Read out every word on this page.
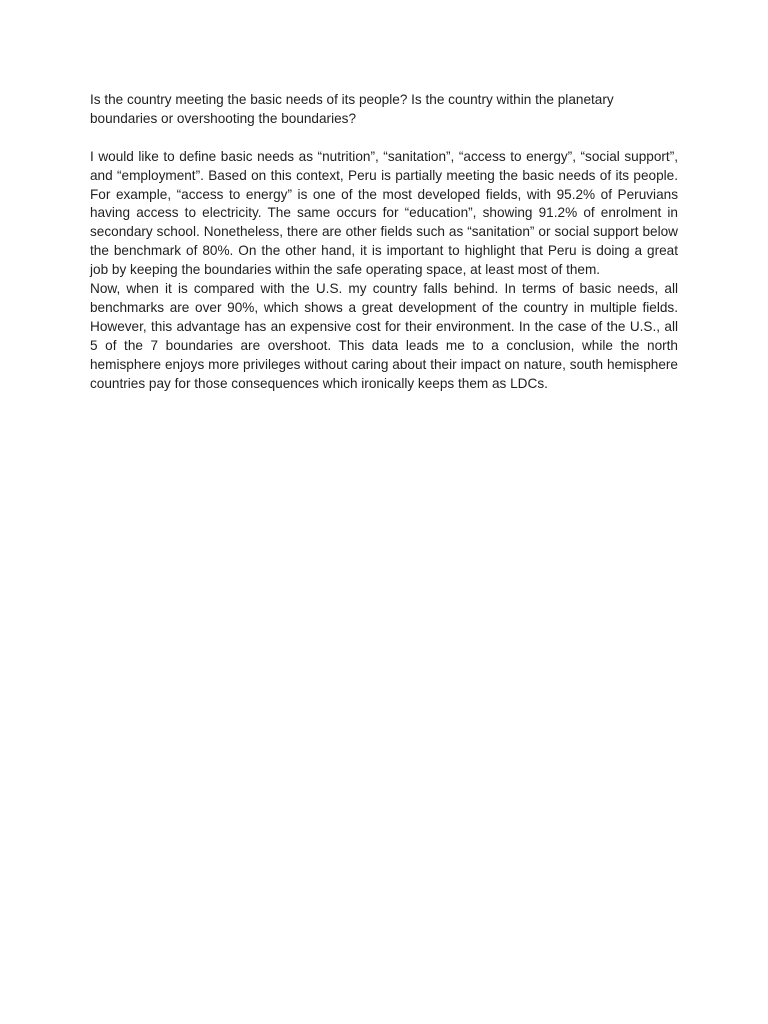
Is the country meeting the basic needs of its people? Is the country within the planetary boundaries or overshooting the boundaries?

I would like to define basic needs as “nutrition”, “sanitation”, “access to energy”, “social support”, and “employment”. Based on this context, Peru is partially meeting the basic needs of its people. For example, “access to energy” is one of the most developed fields, with 95.2% of Peruvians having access to electricity. The same occurs for “education”, showing 91.2% of enrolment in secondary school. Nonetheless, there are other fields such as “sanitation” or social support below the benchmark of 80%. On the other hand, it is important to highlight that Peru is doing a great job by keeping the boundaries within the safe operating space, at least most of them.

Now, when it is compared with the U.S. my country falls behind. In terms of basic needs, all benchmarks are over 90%, which shows a great development of the country in multiple fields. However, this advantage has an expensive cost for their environment. In the case of the U.S., all 5 of the 7 boundaries are overshoot. This data leads me to a conclusion, while the north hemisphere enjoys more privileges without caring about their impact on nature, south hemisphere countries pay for those consequences which ironically keeps them as LDCs.
